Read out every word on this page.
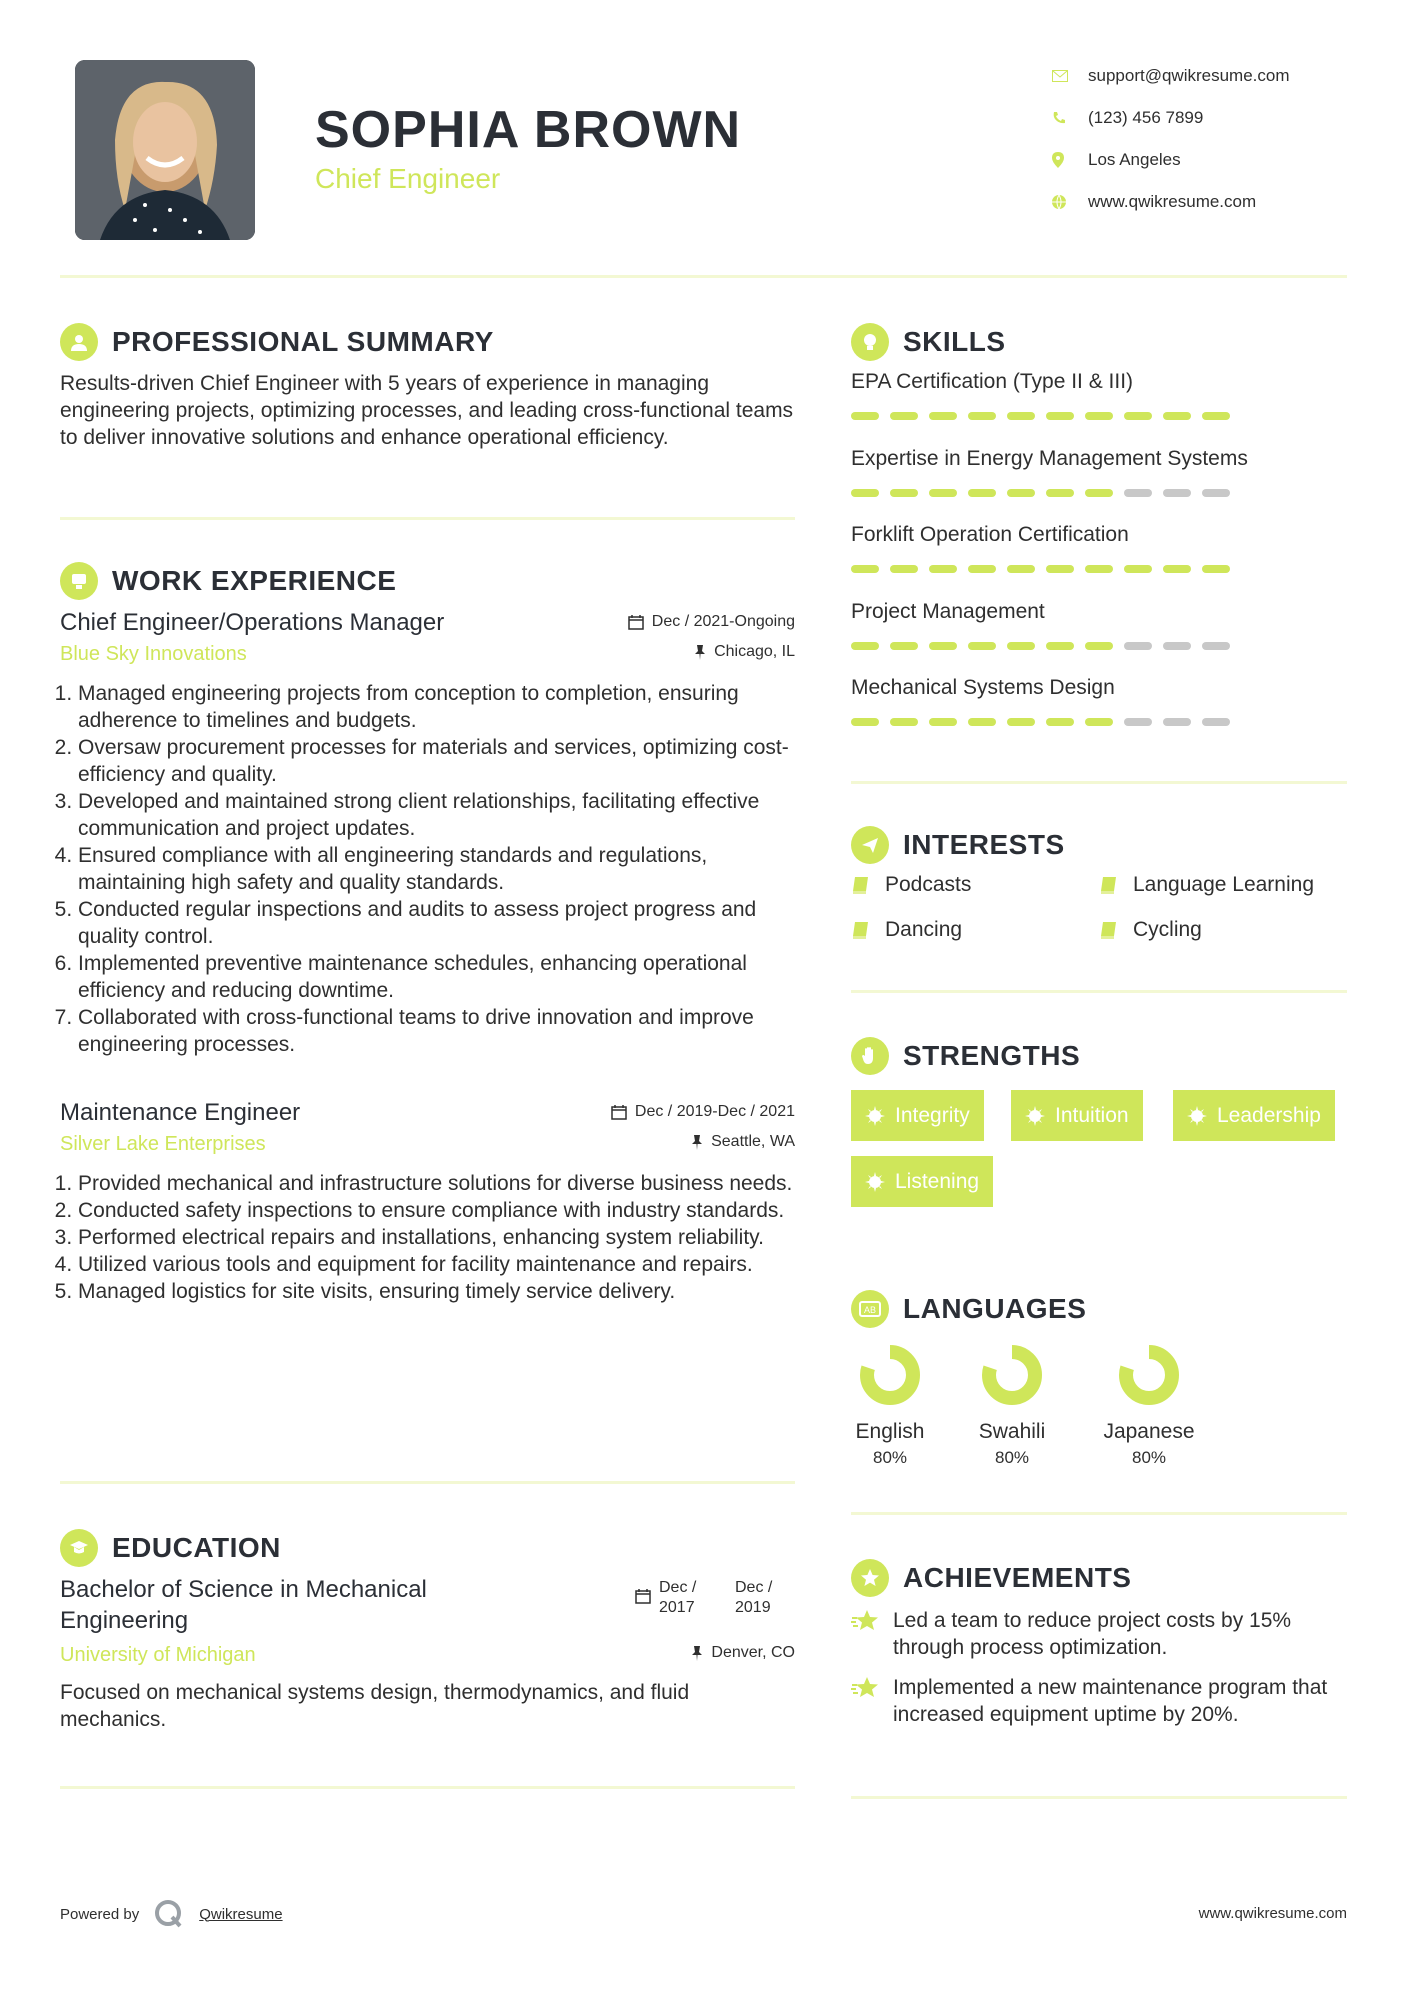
SOPHIA BROWN
Chief Engineer
support@qwikresume.com
(123) 456 7899
Los Angeles
www.qwikresume.com
PROFESSIONAL SUMMARY
Results-driven Chief Engineer with 5 years of experience in managing engineering projects, optimizing processes, and leading cross-functional teams to deliver innovative solutions and enhance operational efficiency.
WORK EXPERIENCE
Chief Engineer/Operations Manager	Dec / 2021-Ongoing
Blue Sky Innovations	Chicago, IL
1. Managed engineering projects from conception to completion, ensuring adherence to timelines and budgets.
2. Oversaw procurement processes for materials and services, optimizing cost-efficiency and quality.
3. Developed and maintained strong client relationships, facilitating effective communication and project updates.
4. Ensured compliance with all engineering standards and regulations, maintaining high safety and quality standards.
5. Conducted regular inspections and audits to assess project progress and quality control.
6. Implemented preventive maintenance schedules, enhancing operational efficiency and reducing downtime.
7. Collaborated with cross-functional teams to drive innovation and improve engineering processes.
Maintenance Engineer	Dec / 2019-Dec / 2021
Silver Lake Enterprises	Seattle, WA
1. Provided mechanical and infrastructure solutions for diverse business needs.
2. Conducted safety inspections to ensure compliance with industry standards.
3. Performed electrical repairs and installations, enhancing system reliability.
4. Utilized various tools and equipment for facility maintenance and repairs.
5. Managed logistics for site visits, ensuring timely service delivery.
EDUCATION
Bachelor of Science in Mechanical Engineering
Dec / 2017
Dec / 2019
University of Michigan	Denver, CO
Focused on mechanical systems design, thermodynamics, and fluid mechanics.
SKILLS
EPA Certification (Type II & III)
Expertise in Energy Management Systems
Forklift Operation Certification
Project Management
Mechanical Systems Design
INTERESTS
Podcasts	Language Learning
Dancing	Cycling
STRENGTHS
Integrity	Intuition	Leadership
Listening
AB LANGUAGES
English
80%
Swahili
80%
Japanese
80%
ACHIEVEMENTS
Led a team to reduce project costs by 15% through process optimization.
Implemented a new maintenance program that increased equipment uptime by 20%.
Powered by	Qwikresume	www.qwikresume.com
